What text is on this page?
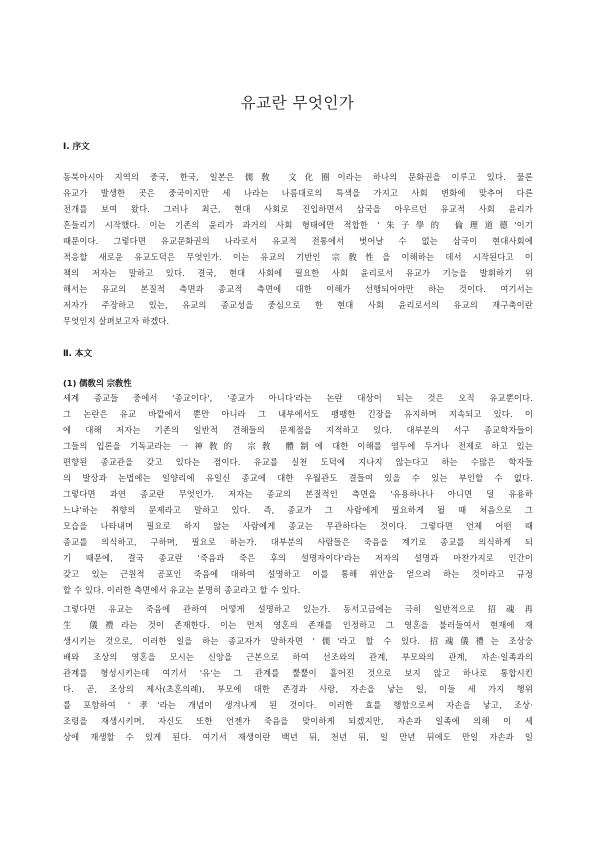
유교란 무엇인가
Ⅰ. 序文
동북아시아 지역의 중국, 한국, 일본은 儒敎 文化圈이라는 하나의 문화권을 이루고 있다. 물론
유교가 발생한 곳은 중국이지만 세 나라는 나름대로의 특색을 가지고 사회 변화에 맞추어 다른
전개를 보여 왔다. 그러나 최근, 현대 사회로 진입하면서 삼국을 아우르던 유교적 사회 윤리가
흔들리기 시작했다. 이는 기존의 윤리가 과거의 사회 형태에만 적합한 '朱子學的 倫理道德'이기
때문이다. 그렇다면 유교문화권의 나라로서 유교적 전통에서 벗어날 수 없는 삼국이 현대사회에
적응할 새로운 유교도덕은 무엇인가. 이는 유교의 기반인 宗敎性을 이해하는 데서 시작된다고 이
책의 저자는 말하고 있다. 결국, 현대 사회에 필요한 사회 윤리로서 유교가 기능을 발휘하기 위
해서는 유교의 본질적 측면과 종교적 측면에 대한 이해가 선행되어야만 하는 것이다. 여기서는
저자가 주장하고 있는, 유교의 종교성을 중심으로 한 현대 사회 윤리로서의 유교의 재구축이란
무엇인지 살펴보고자 하겠다.
Ⅱ. 本文
(1) 儒敎의 宗敎性
세계 종교들 중에서 '종교이다', '종교가 아니다'라는 논란 대상이 되는 것은 오직 유교뿐이다.
그 논란은 유교 바깥에서 뿐만 아니라 그 내부에서도 팽팽한 긴장을 유지하며 지속되고 있다. 이
에 대해 저자는 기존의 일반적 견해들의 문제점을 지적하고 있다. 대부분의 서구 종교학자들이
그들의 입론을 기독교라는 一神敎的 宗敎 體制에 대한 이해를 염두에 두거나 전제로 하고 있는
편향된 종교관을 갖고 있다는 점이다. 유교를 실천 도덕에 지나지 않는다고 하는 수많은 학자들
의 발상과 논법에는 일양리에 유일신 종교에 대한 우월관도 결들여 있을 수 있는 부인할 수 없다.
그렇다면 과연 종교란 무엇인가. 저자는 종교의 본질적인 측면을 '유용하나나 아니면 덜 유용하
느냐'하는 취향의 문제라고 말하고 있다. 즉, 종교가 그 사람에게 필요하게 될 때 처음으로 그
모습을 나타내며 필요로 하지 않는 사람에게 종교는 무관하다는 것이다. 그렇다면 언제 어떤 때
종교를 의식하고, 구하며, 필요로 하는가. 대부분의 사람들은 죽음을 계기로 종교를 의식하게 되
기 때문에, 결국 종교란 '죽음과 죽은 후의 설명자이다'라는 저자의 설명과 마찬가지로 인간이
갖고 있는 근원적 공포인 죽음에 대하여 설명하고 이를 통해 위안을 얻으려 하는 것이라고 규정
할 수 있다. 이러한 측면에서 유교는 분명히 종교라고 할 수 있다.
그렇다면 유교는 죽음에 관하여 어떻게 설명하고 있는가. 동서고금에는 극히 일반적으로 招魂再
生 儀禮라는 것이 존재한다. 이는 먼저 영혼의 존재를 인정하고 그 영혼을 불러들여서 현재에 재
생시키는 것으로, 이러한 일을 하는 종교자가 말하자면 '儒'라고 할 수 있다. 招魂儀禮는 조상숭
배와 조상의 영혼을 모시는 신앙을 근본으로 하여 선조와의 관계, 부모와의 관계, 자손·일족과의
관계를 형성시키는데 여기서 '유'는 그 관계를 뿔뿔이 흩어진 것으로 보지 않고 하나로 통합시킨
다. 곧, 조상의 제사(초혼의례), 부모에 대한 존경과 사랑, 자손을 낳는 일, 이들 세 가지 행위
를 포함하여 '孝'라는 개념이 생겨나게 된 것이다. 이러한 효를 행함으로써 자손을 낳고, 조상·
조령을 재생시키며, 자신도 또한 언젠가 죽음을 맞이하게 되겠지만, 자손과 일족에 의해 이 세
상에 재생할 수 있게 된다. 여기서 재생이란 백년 뒤, 천년 뒤, 일 만년 뒤에도 만일 자손과 일
